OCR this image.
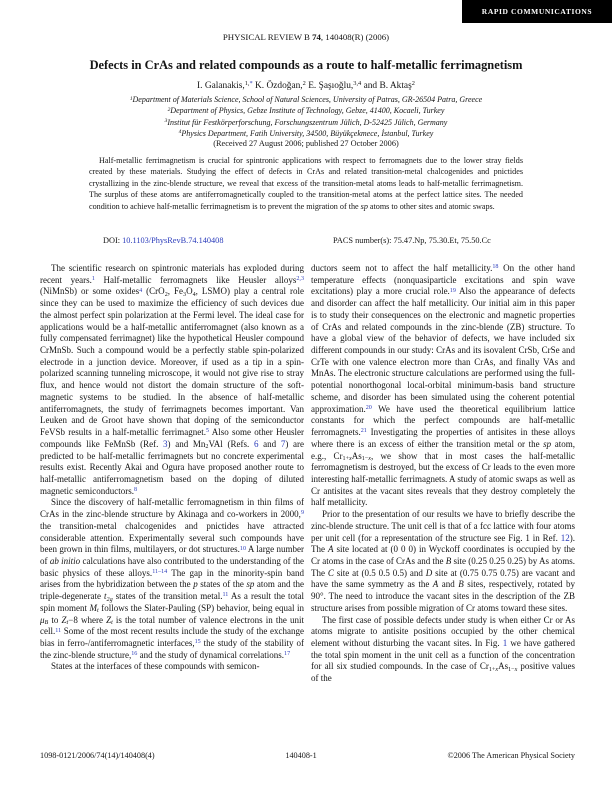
RAPID COMMUNICATIONS
PHYSICAL REVIEW B 74, 140408(R) (2006)
Defects in CrAs and related compounds as a route to half-metallic ferrimagnetism
I. Galanakis,$^{1,*}$ K. Özdoğan,$^2$ E. Şaşıoğlu,$^{3,4}$ and B. Aktaş$^2$

$^1$Department of Materials Science, School of Natural Sciences, University of Patras, GR-26504 Patra, Greece

$^2$Department of Physics, Gebze Institute of Technology, Gebze, 41400, Kocaeli, Turkey

$^3$Institut für Festkörperforschung, Forschungszentrum Jülich, D-52425 Jülich, Germany

$^4$Physics Department, Fatih University, 34500, Büyükçekmece, İstanbul, Turkey

(Received 27 August 2006; published 27 October 2006)

Half-metallic ferrimagnetism is crucial for spintronic applications with respect to ferromagnets due to the lower stray fields created by these materials. Studying the effect of defects in CrAs and related transition-metal chalcogenides and pnictides crystallizing in the zinc-blende structure, we reveal that excess of the transition-metal atoms leads to half-metallic ferrimagnetism. The surplus of these atoms are antiferromagnetically coupled to the transition-metal atoms at the perfect lattice sites. The needed condition to achieve half-metallic ferrimagnetism is to prevent the migration of the sp atoms to other sites and atomic swaps.

DOI: 10.1103/PhysRevB.74.140408	PACS number(s): 75.47.Np, 75.30.Et, 75.50.Cc

The scientific research on spintronic materials has exploded during recent years.$^1$ Half-metallic ferromagnets like Heusler alloys$^{2,3}$ (NiMnSb) or some oxides$^4$ (CrO2, Fe3O4, LSMO) play a central role since they can be used to maximize the efficiency of such devices due the almost perfect spin polarization at the Fermi level. The ideal case for applications would be a half-metallic antiferromagnet (also known as a fully compensated ferrimagnet) like the hypothetical Heusler compound CrMnSb. Such a compound would be a perfectly stable spin-polarized electrode in a junction device. Moreover, if used as a tip in a spin-polarized scanning tunneling microscope, it would not give rise to stray flux, and hence would not distort the domain structure of the soft-magnetic systems to be studied. In the absence of half-metallic antiferromagnets, the study of ferrimagnets becomes important. Van Leuken and de Groot have shown that doping of the semiconductor FeVSb results in a half-metallic ferrimagnet.$^5$ Also some other Heusler compounds like FeMnSb (Ref. 3) and Mn2VAl (Refs. 6 and 7) are predicted to be half-metallic ferrimagnets but no concrete experimental results exist. Recently Akai and Ogura have proposed another route to half-metallic antiferromagnetism based on the doping of diluted magnetic semiconductors.$^8$

Since the discovery of half-metallic ferromagnetism in thin films of CrAs in the zinc-blende structure by Akinaga and co-workers in 2000,$^9$ the transition-metal chalcogenides and pnictides have attracted considerable attention. Experimentally several such compounds have been grown in thin films, multilayers, or dot structures.$^{10}$ A large number of ab initio calculations have also contributed to the understanding of the basic physics of these alloys.$^{11-14}$ The gap in the minority-spin band arises from the hybridization between the p states of the sp atom and the triple-degenerate t2g states of the transition metal.$^{11}$ As a result the total spin moment Mt follows the Slater-Pauling (SP) behavior, being equal in μB to Zt−8 where Zt is the total number of valence electrons in the unit cell.$^{11}$ Some of the most recent results include the study of the exchange bias in ferro-/antiferromagnetic interfaces,$^{15}$ the study of the stability of the zinc-blende structure,$^{16}$ and the study of dynamical correlations.$^{17}$

States at the interfaces of these compounds with semicon-

ductors seem not to affect the half metallicity.$^{18}$ On the other hand temperature effects (nonquasiparticle excitations and spin wave excitations) play a more crucial role.$^{19}$ Also the appearance of defects and disorder can affect the half metallicity. Our initial aim in this paper is to study their consequences on the electronic and magnetic properties of CrAs and related compounds in the zinc-blende (ZB) structure. To have a global view of the behavior of defects, we have included six different compounds in our study: CrAs and its isovalent CrSb, CrSe and CrTe with one valence electron more than CrAs, and finally VAs and MnAs. The electronic structure calculations are performed using the full-potential nonorthogonal local-orbital minimum-basis band structure scheme, and disorder has been simulated using the coherent potential approximation.$^{20}$ We have used the theoretical equilibrium lattice constants for which the perfect compounds are half-metallic ferromagnets.$^{21}$ Investigating the properties of antisites in these alloys where there is an excess of either the transition metal or the sp atom, e.g., Cr1+xAs1−x, we show that in most cases the half-metallic ferromagnetism is destroyed, but the excess of Cr leads to the even more interesting half-metallic ferrimagnets. A study of atomic swaps as well as Cr antisites at the vacant sites reveals that they destroy completely the half metallicity.

Prior to the presentation of our results we have to briefly describe the zinc-blende structure. The unit cell is that of a fcc lattice with four atoms per unit cell (for a representation of the structure see Fig. 1 in Ref. 12). The A site located at (0 0 0) in Wyckoff coordinates is occupied by the Cr atoms in the case of CrAs and the B site (0.25 0.25 0.25) by As atoms. The C site at (0.5 0.5 0.5) and D site at (0.75 0.75 0.75) are vacant and have the same symmetry as the A and B sites, respectively, rotated by 90°. The need to introduce the vacant sites in the description of the ZB structure arises from possible migration of Cr atoms toward these sites.

The first case of possible defects under study is when either Cr or As atoms migrate to antisite positions occupied by the other chemical element without disturbing the vacant sites. In Fig. 1 we have gathered the total spin moment in the unit cell as a function of the concentration for all six studied compounds. In the case of Cr1+xAs1−x positive values of the

1098-0121/2006/74(14)/140408(4)	140408-1	©2006 The American Physical Society
